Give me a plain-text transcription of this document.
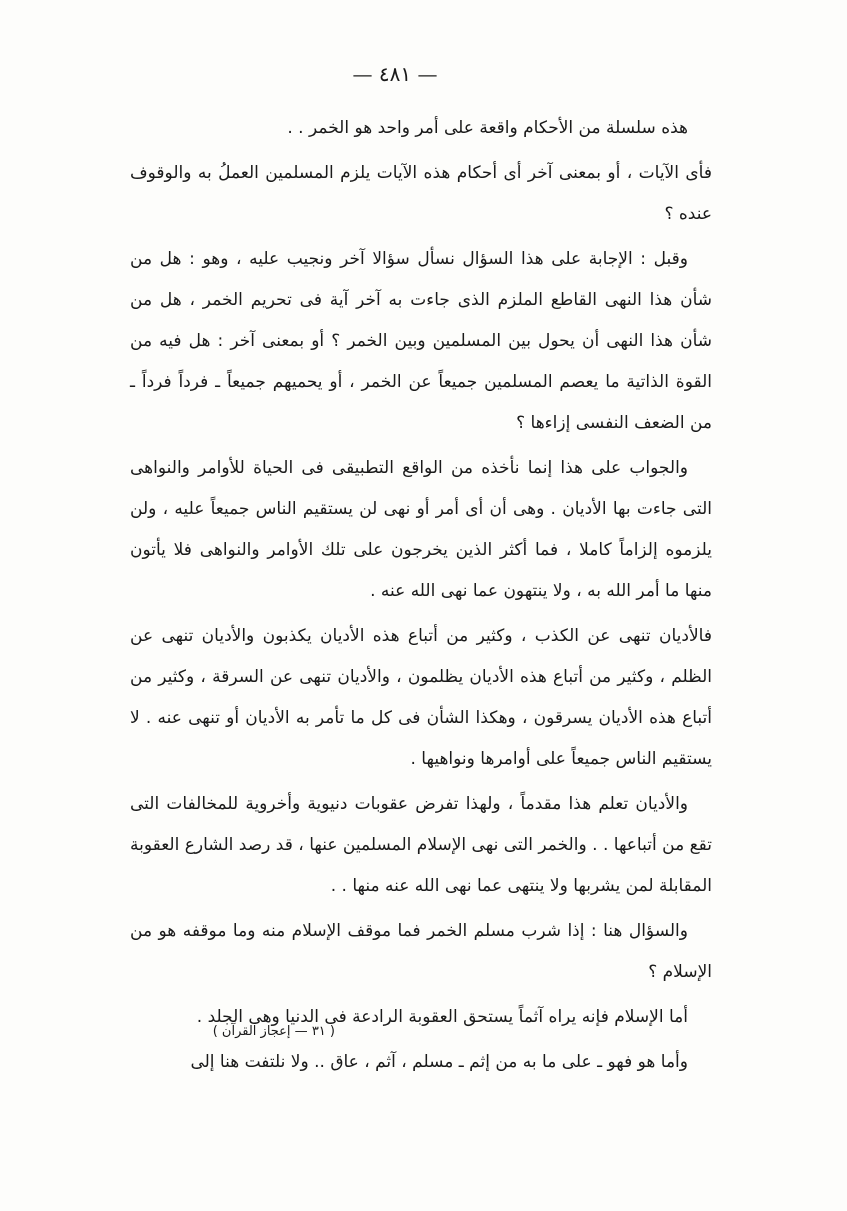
— ٤٨١ —

هذه سلسلة من الأحكام واقعة على أمر واحد هو الخمر . .

فأى الآيات ، أو بمعنى آخر أى أحكام هذه الآيات يلزم المسلمين العملُ به والوقوف عنده ؟

وقبل : الإجابة على هذا السؤال نسأل سؤالا آخر ونجيب عليه ، وهو : هل من شأن هذا النهى القاطع الملزم الذى جاءت به آخر آية فى تحريم الخمر ، هل من شأن هذا النهى أن يحول بين المسلمين وبين الخمر ؟ أو بمعنى آخر : هل فيه من القوة الذاتية ما يعصم المسلمين جميعاً عن الخمر ، أو يحميهم جميعاً ـ فرداً فرداً ـ من الضعف النفسى إزاءها ؟

والجواب على هذا إنما نأخذه من الواقع التطبيقى فى الحياة للأوامر والنواهى التى جاءت بها الأديان . وهى أن أى أمر أو نهى لن يستقيم الناس جميعاً عليه ، ولن يلزموه إلزاماً كاملا ، فما أكثر الذين يخرجون على تلك الأوامر والنواهى فلا يأتون منها ما أمر الله به ، ولا ينتهون عما نهى الله عنه .

فالأديان تنهى عن الكذب ، وكثير من أتباع هذه الأديان يكذبون والأديان تنهى عن الظلم ، وكثير من أتباع هذه الأديان يظلمون ، والأديان تنهى عن السرقة ، وكثير من أتباع هذه الأديان يسرقون ، وهكذا الشأن فى كل ما تأمر به الأديان أو تنهى عنه . لا يستقيم الناس جميعاً على أوامرها ونواهيها .

والأديان تعلم هذا مقدماً ، ولهذا تفرض عقوبات دنيوية وأخروية للمخالفات التى تقع من أتباعها . . والخمر التى نهى الإسلام المسلمين عنها ، قد رصد الشارع العقوبة المقابلة لمن يشربها ولا ينتهى عما نهى الله عنه منها . .

والسؤال هنا : إذا شرب مسلم الخمر فما موقف الإسلام منه وما موقفه هو من الإسلام ؟

أما الإسلام فإنه يراه آثماً يستحق العقوبة الرادعة فى الدنيا وهى الجلد .

وأما هو فهو ـ على ما به من إثم ـ مسلم ، آثم ، عاق .. ولا نلتفت هنا إلى

( ٣١ — إعجاز القرآن )
